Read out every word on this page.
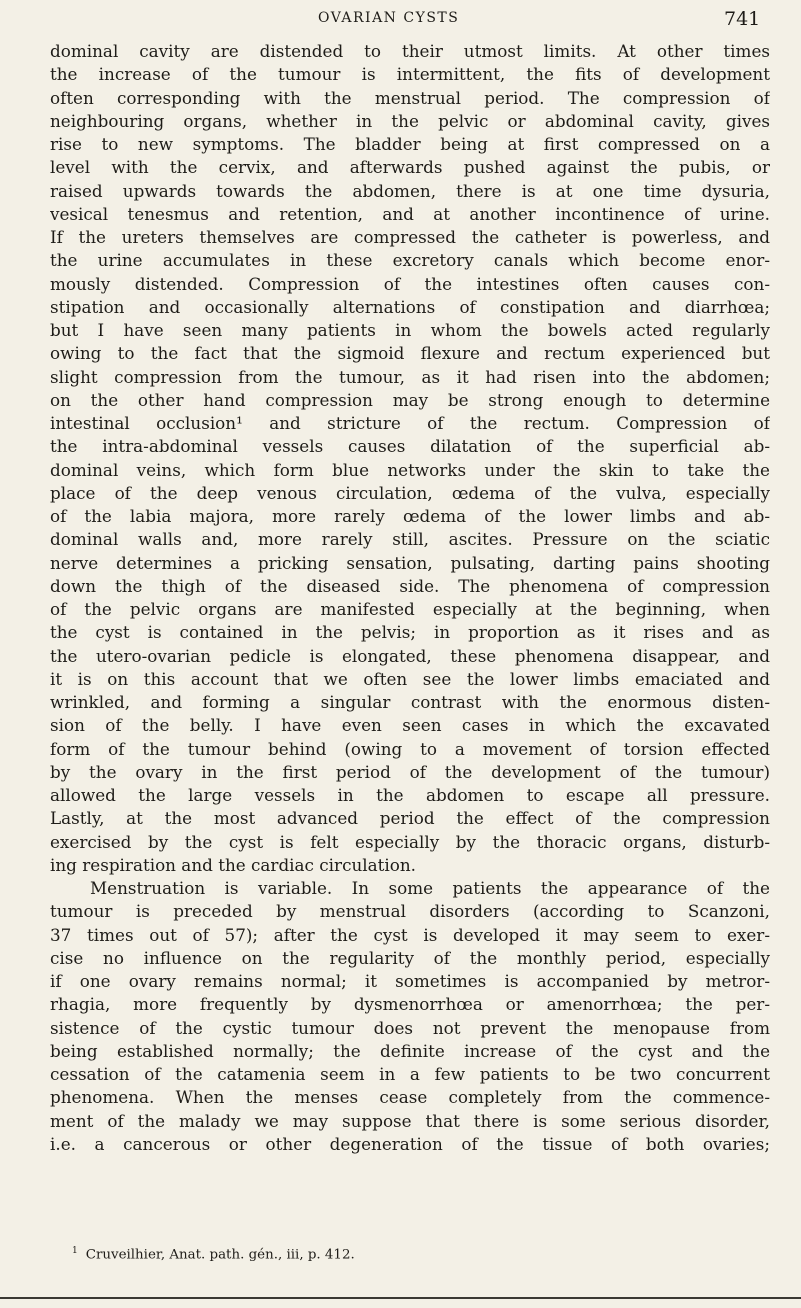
OVARIAN CYSTS	741
dominal cavity are distended to their utmost limits. At other times
the increase of the tumour is intermittent, the fits of development
often corresponding with the menstrual period. The compression of
neighbouring organs, whether in the pelvic or abdominal cavity, gives
rise to new symptoms. The bladder being at first compressed on a
level with the cervix, and afterwards pushed against the pubis, or
raised upwards towards the abdomen, there is at one time dysuria,
vesical tenesmus and retention, and at another incontinence of urine.
If the ureters themselves are compressed the catheter is powerless, and
the urine accumulates in these excretory canals which become enor-
mously distended. Compression of the intestines often causes con-
stipation and occasionally alternations of constipation and diarrhœa;
but I have seen many patients in whom the bowels acted regularly
owing to the fact that the sigmoid flexure and rectum experienced but
slight compression from the tumour, as it had risen into the abdomen;
on the other hand compression may be strong enough to determine
intestinal occlusion¹ and stricture of the rectum. Compression of
the intra-abdominal vessels causes dilatation of the superficial ab-
dominal veins, which form blue networks under the skin to take the
place of the deep venous circulation, œdema of the vulva, especially
of the labia majora, more rarely œdema of the lower limbs and ab-
dominal walls and, more rarely still, ascites. Pressure on the sciatic
nerve determines a pricking sensation, pulsating, darting pains shooting
down the thigh of the diseased side. The phenomena of compression
of the pelvic organs are manifested especially at the beginning, when
the cyst is contained in the pelvis; in proportion as it rises and as
the utero-ovarian pedicle is elongated, these phenomena disappear, and
it is on this account that we often see the lower limbs emaciated and
wrinkled, and forming a singular contrast with the enormous disten-
sion of the belly. I have even seen cases in which the excavated
form of the tumour behind (owing to a movement of torsion effected
by the ovary in the first period of the development of the tumour)
allowed the large vessels in the abdomen to escape all pressure.
Lastly, at the most advanced period the effect of the compression
exercised by the cyst is felt especially by the thoracic organs, disturb-
ing respiration and the cardiac circulation.
Menstruation is variable. In some patients the appearance of the
tumour is preceded by menstrual disorders (according to Scanzoni,
37 times out of 57); after the cyst is developed it may seem to exer-
cise no influence on the regularity of the monthly period, especially
if one ovary remains normal; it sometimes is accompanied by metror-
rhagia, more frequently by dysmenorrhœa or amenorrhœa; the per-
sistence of the cystic tumour does not prevent the menopause from
being established normally; the definite increase of the cyst and the
cessation of the catamenia seem in a few patients to be two concurrent
phenomena. When the menses cease completely from the commence-
ment of the malady we may suppose that there is some serious disorder,
i.e. a cancerous or other degeneration of the tissue of both ovaries;
$^1$ Cruveilhier, Anat. path. gén., iii, p. 412.
